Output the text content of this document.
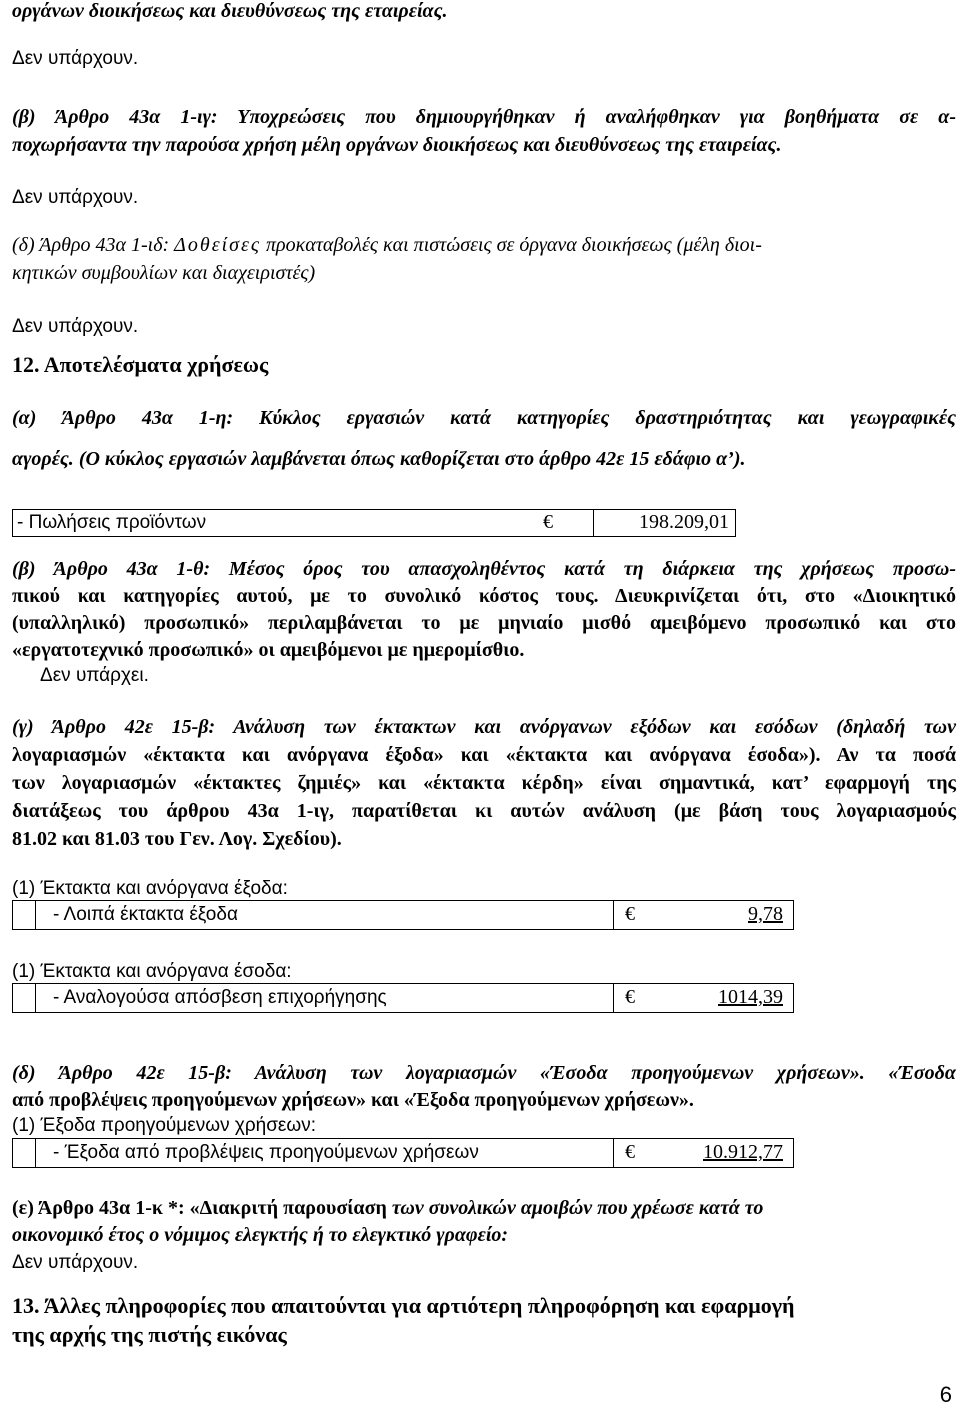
οργάνων διοικήσεως και διευθύνσεως της εταιρείας.
Δεν υπάρχουν.
(β) Άρθρο 43α 1-ιγ: Υποχρεώσεις που δημιουργήθηκαν ή αναλήφθηκαν για βοηθήματα σε α-
ποχωρήσαντα την παρούσα χρήση μέλη οργάνων διοικήσεως και διευθύνσεως της εταιρείας.
Δεν υπάρχουν.
(δ) Άρθρο 43α 1-ιδ: Δοθείσες προκαταβολές και πιστώσεις σε όργανα διοικήσεως (μέλη διοι-
κητικών συμβουλίων και διαχειριστές)
Δεν υπάρχουν.
12. Αποτελέσματα χρήσεως
(α) Άρθρο 43α 1-η: Κύκλος εργασιών κατά κατηγορίες δραστηριότητας και γεωγραφικές
αγορές. (Ο κύκλος εργασιών λαμβάνεται όπως καθορίζεται στο άρθρο 42ε 15 εδάφιο α’).
- Πωλήσεις προϊόντων	€	198.209,01
(β) Άρθρο 43α 1-θ: Μέσος όρος του απασχοληθέντος κατά τη διάρκεια της χρήσεως προσω-
πικού και κατηγορίες αυτού, με το συνολικό κόστος τους. Διευκρινίζεται ότι, στο «Διοικητικό
(υπαλληλικό) προσωπικό» περιλαμβάνεται το με μηνιαίο μισθό αμειβόμενο προσωπικό και στο
«εργατοτεχνικό προσωπικό» οι αμειβόμενοι με ημερομίσθιο.
Δεν υπάρχει.
(γ) Άρθρο 42ε 15-β: Ανάλυση των έκτακτων και ανόργανων εξόδων και εσόδων (δηλαδή των
λογαριασμών «έκτακτα και ανόργανα έξοδα» και «έκτακτα και ανόργανα έσοδα»). Αν τα ποσά
των λογαριασμών «έκτακτες ζημιές» και «έκτακτα κέρδη» είναι σημαντικά, κατ’ εφαρμογή της
διατάξεως του άρθρου 43α 1-ιγ, παρατίθεται κι αυτών ανάλυση (με βάση τους λογαριασμούς
81.02 και 81.03 του Γεν. Λογ. Σχεδίου).
(1) Έκτακτα και ανόργανα έξοδα:
- Λοιπά έκτακτα έξοδα	€	9,78
(1) Έκτακτα και ανόργανα έσοδα:
- Αναλογούσα απόσβεση επιχορήγησης	€	1014,39
(δ) Άρθρο 42ε 15-β: Ανάλυση των λογαριασμών «Έσοδα προηγούμενων χρήσεων». «Έσοδα
από προβλέψεις προηγούμενων χρήσεων» και «Έξοδα προηγούμενων χρήσεων».
(1) Έξοδα προηγούμενων χρήσεων:
- Έξοδα από προβλέψεις προηγούμενων χρήσεων	€	10.912,77
(ε) Άρθρο 43α 1-κ *: «Διακριτή παρουσίαση των συνολικών αμοιβών που χρέωσε κατά το
οικονομικό έτος ο νόμιμος ελεγκτής ή το ελεγκτικό γραφείο:
Δεν υπάρχουν.
13. Άλλες πληροφορίες που απαιτούνται για αρτιότερη πληροφόρηση και εφαρμογή
της αρχής της πιστής εικόνας
6
